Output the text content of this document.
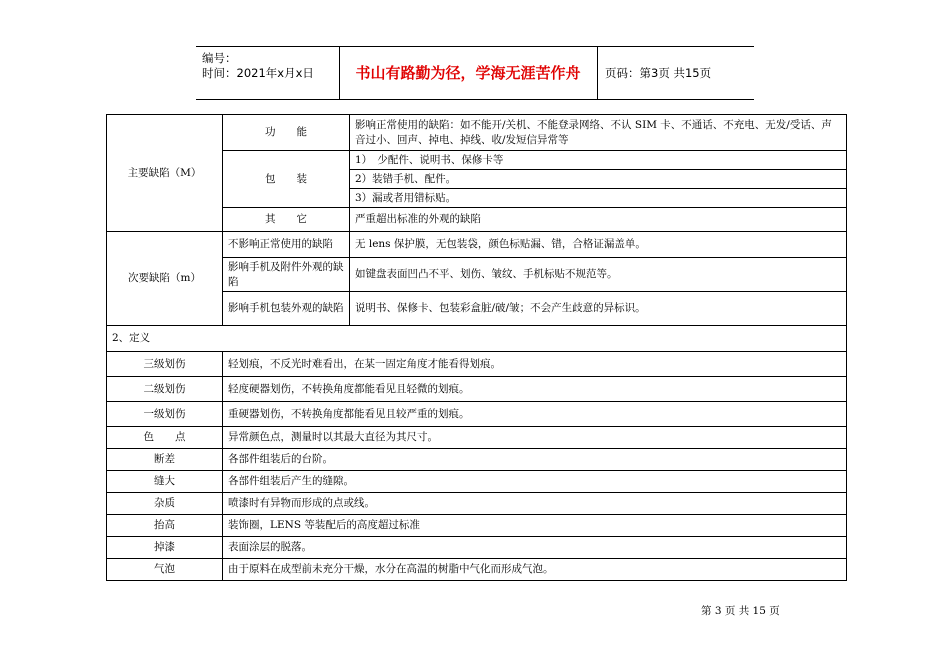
编号：
时间：2021年x月x日	书山有路勤为径，学海无涯苦作舟	页码：第3页 共15页
主要缺陷（M）	功　　能	影响正常使用的缺陷：如不能开/关机、不能登录网络、不认 SIM 卡、不通话、不充电、无发/受话、声音过小、回声、掉电、掉线、收/发短信异常等
	包　　装	1）　少配件、说明书、保修卡等
		2）装错手机、配件。
		3）漏或者用错标贴。
	其　　它	严重超出标准的外观的缺陷
次要缺陷（m）	不影响正常使用的缺陷	无 lens 保护膜，无包装袋，颜色标贴漏、错，合格证漏盖单。
	影响手机及附件外观的缺陷	如键盘表面凹凸不平、划伤、皱纹、手机标贴不规范等。
	影响手机包装外观的缺陷	说明书、保修卡、包装彩盒脏/破/皱；不会产生歧意的异标识。
2、定义		
三级划伤	轻划痕，不反光时难看出，在某一固定角度才能看得划痕。	
二级划伤	轻度硬器划伤，不转换角度都能看见且轻微的划痕。	
一级划伤	重硬器划伤，不转换角度都能看见且较严重的划痕。	
色　　点	异常颜色点，测量时以其最大直径为其尺寸。	
断差	各部件组装后的台阶。	
缝大	各部件组装后产生的缝隙。	
杂质	喷漆时有异物而形成的点或线。	
抬高	装饰圈，LENS 等装配后的高度超过标准	
掉漆	表面涂层的脱落。	
气泡	由于原料在成型前未充分干燥，水分在高温的树脂中气化而形成气泡。	
第 3 页 共 15 页
